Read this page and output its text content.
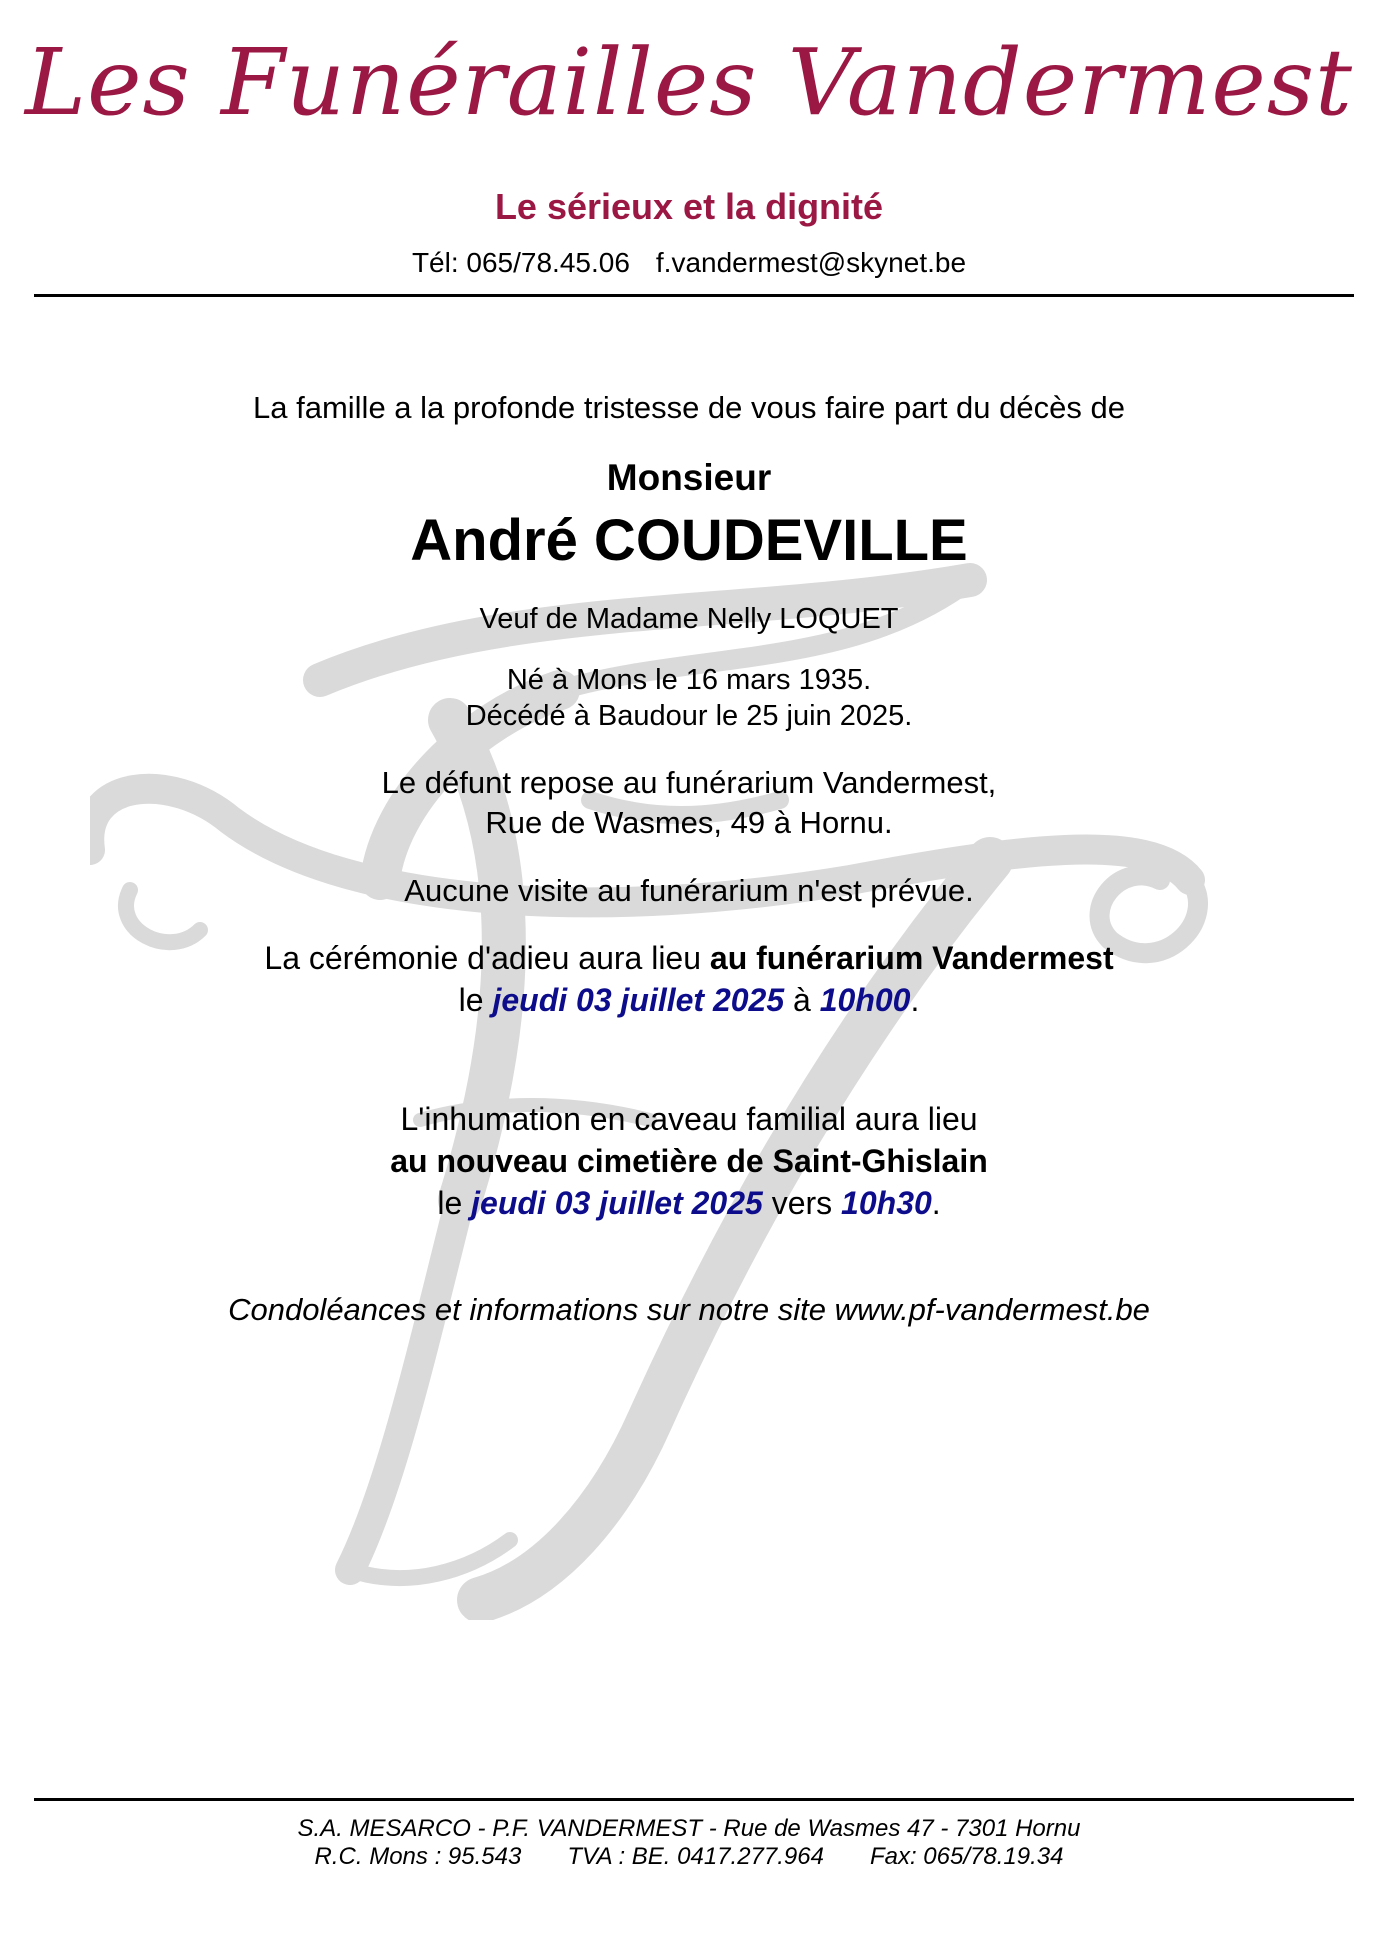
Les Funérailles Vandermest
Le sérieux et la dignité
Tél: 065/78.45.06 f.vandermest@skynet.be
La famille a la profonde tristesse de vous faire part du décès de
Monsieur
André COUDEVILLE
Veuf de Madame Nelly LOQUET
Né à Mons le 16 mars 1935.
Décédé à Baudour le 25 juin 2025.
Le défunt repose au funérarium Vandermest,
Rue de Wasmes, 49 à Hornu.
Aucune visite au funérarium n'est prévue.
La cérémonie d'adieu aura lieu au funérarium Vandermest
le jeudi 03 juillet 2025 à 10h00.
L'inhumation en caveau familial aura lieu
au nouveau cimetière de Saint-Ghislain
le jeudi 03 juillet 2025 vers 10h30.
Condoléances et informations sur notre site www.pf-vandermest.be
S.A. MESARCO - P.F. VANDERMEST - Rue de Wasmes 47 - 7301 Hornu
R.C. Mons : 95.543 TVA : BE. 0417.277.964 Fax: 065/78.19.34
